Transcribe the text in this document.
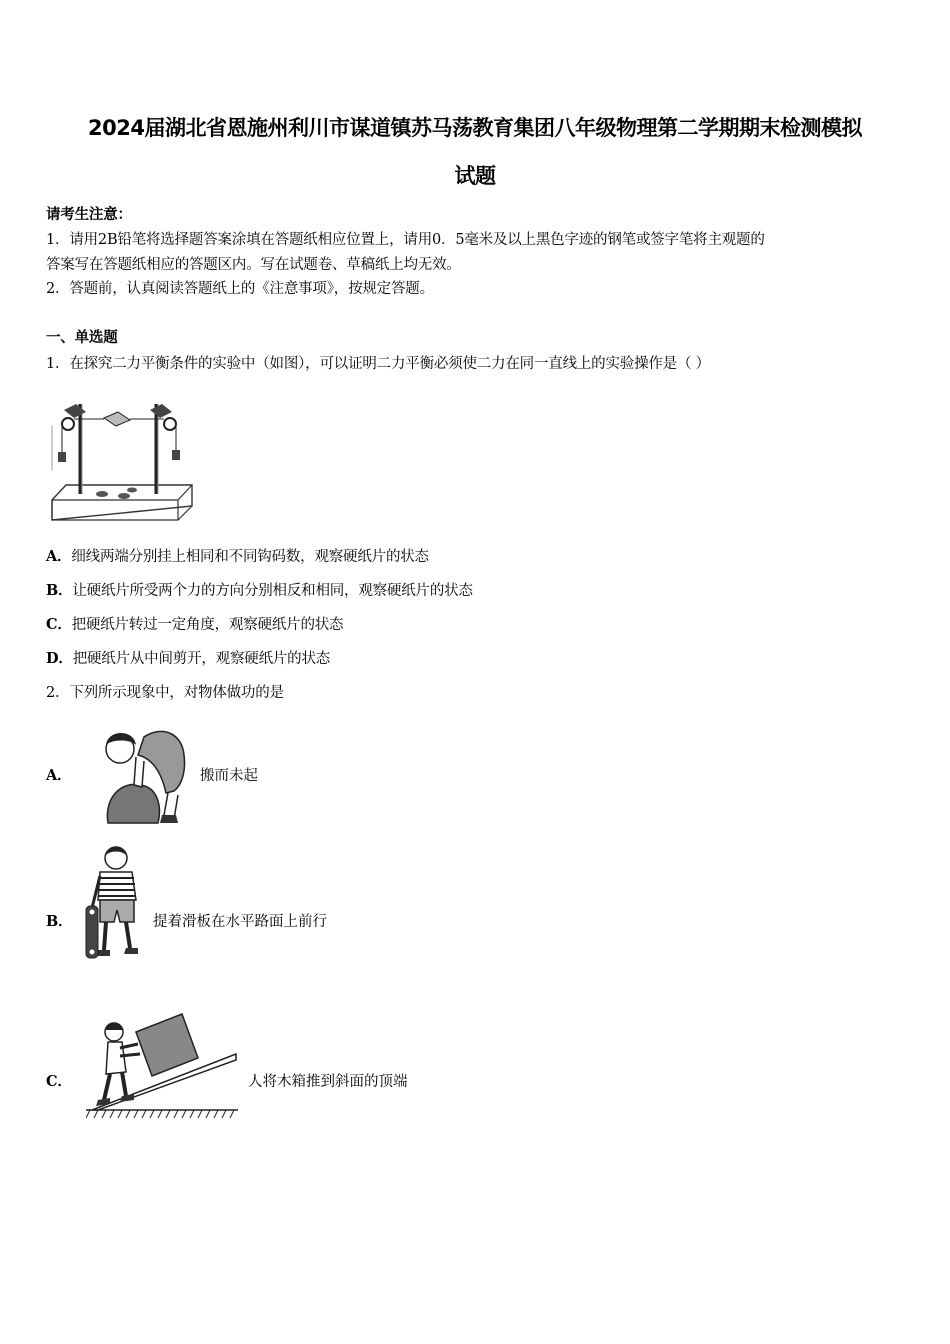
2024届湖北省恩施州利川市谋道镇苏马荡教育集团八年级物理第二学期期末检测模拟
试题
请考生注意：
1．请用2B铅笔将选择题答案涂填在答题纸相应位置上，请用0．5毫米及以上黑色字迹的钢笔或签字笔将主观题的
答案写在答题纸相应的答题区内。写在试题卷、草稿纸上均无效。
2．答题前，认真阅读答题纸上的《注意事项》，按规定答题。
一、单选题
1．在探究二力平衡条件的实验中（如图），可以证明二力平衡必须使二力在同一直线上的实验操作是（ ）
A．细线两端分别挂上相同和不同钩码数，观察硬纸片的状态
B．让硬纸片所受两个力的方向分别相反和相同，观察硬纸片的状态
C．把硬纸片转过一定角度，观察硬纸片的状态
D．把硬纸片从中间剪开，观察硬纸片的状态
2．下列所示现象中，对物体做功的是
A．	搬而未起
B．	提着滑板在水平路面上前行
C．	人将木箱推到斜面的顶端
